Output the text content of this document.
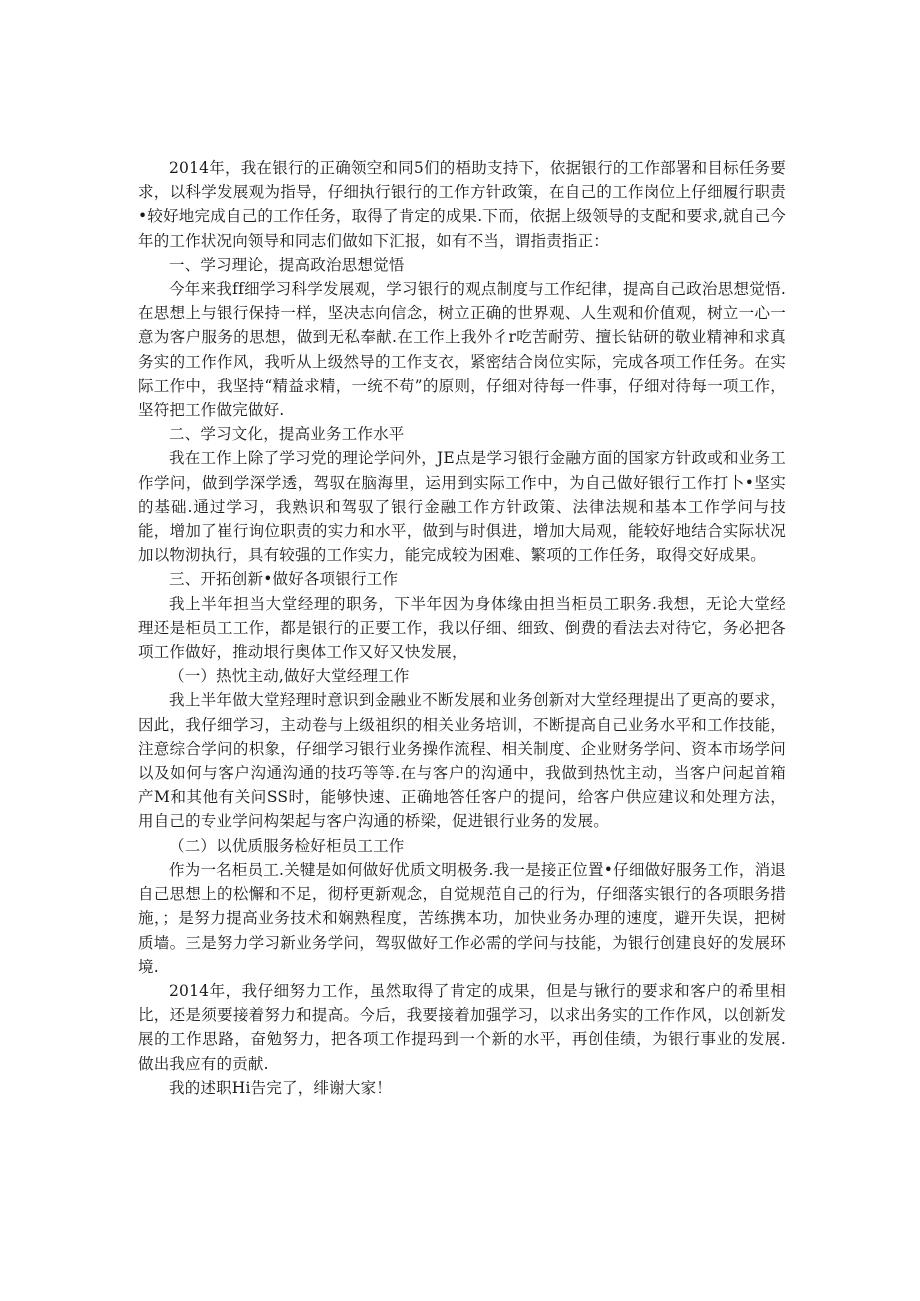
2014年，我在银行的正确领空和同5们的梧助支持下，依据银行的工作部署和目标任务要求，以科学发展观为指导，仔细执行银行的工作方针政策，在自己的工作岗位上仔细履行职责•较好地完成自己的工作任务，取得了肯定的成果.下而，依据上级领导的支配和要求,就自己今年的工作状况向领导和同志们做如下汇报，如有不当，谓指责指正：

一、学习理论，提高政治思想觉悟

今年来我ff细学习科学发展观，学习银行的观点制度与工作纪律，提高自己政治思想觉悟.在思想上与银行保持一样，坚决志向信念，树立正确的世界观、人生观和价值观，树立一心一意为客户服务的思想，做到无私奉献.在工作上我外彳r吃苦耐劳、擅长钻研的敬业精神和求真务实的工作作风，我听从上级然导的工作支衣，紧密结合岗位实际，完成各项工作任务。在实际工作中，我坚持“精益求精，一统不苟”的原则，仔细对待每一件事，仔细对待每一项工作，坚符把工作做完做好.

二、学习文化，提高业务工作水平

我在工作上除了学习党的理论学问外，JE点是学习银行金融方面的国家方针政或和业务工作学问，做到学深学透，驾驭在脑海里，运用到实际工作中，为自己做好银行工作打卜•坚实的基础.通过学习，我熟识和驾驭了银行金融工作方针政策、法律法规和基本工作学问与技能，增加了崔行询位职责的实力和水平，做到与时俱进，增加大局观，能较好地结合实际状况加以物沏执行，具有较强的工作实力，能完成较为困难、繁项的工作任务，取得交好成果。

三、开拓创新•做好各项银行工作

我上半年担当大堂经理的职务，下半年因为身体缘由担当柜员工职务.我想，无论大堂经理还是柜员工工作，都是银行的正要工作，我以仔细、细致、倒费的看法去对待它，务必把各项工作做好，推动垠行奥体工作又好又快发展，

（一）热忱主动,做好大堂经理工作

我上半年做大堂羟理时意识到金融业不断发展和业务创新对大堂经理提出了更高的要求，因此，我仔细学习，主动卷与上级祖织的相关业务培训，不断提高自己业务水平和工作技能，注意综合学问的枳象，仔细学习银行业务操作流程、相关制度、企业财务学问、资本市场学问以及如何与客户沟通沟通的技巧等等.在与客户的沟通中，我做到热忱主动，当客户问起首箱产M和其他有关问SS时，能够快速、正确地答任客户的提问，给客户供应建议和处理方法，用自己的专业学问构架起与客户沟通的桥梁，促进银行业务的发展。

（二）以优质服务检好柜员工工作

作为一名柜员工.关犍是如何做好优质文明极务.我一是接正位置•仔细做好服务工作，消退自己思想上的松懈和不足，彻杼更新观念，自觉规范自己的行为，仔细落实银行的各项眼务措施，；是努力提高业务技术和娴熟程度，苦练携本功，加快业务办理的速度，避开失误，把树质墙。三是努力学习新业务学问，驾驭做好工作必需的学问与技能，为银行创建良好的发展环境.

2014年，我仔细努力工作，虽然取得了肯定的成果，但是与锹行的要求和客户的希里相比，还是须要接着努力和提高。今后，我要接着加强学习，以求出务实的工作作风，以创新发展的工作思路，奋勉努力，把各项工作提玛到一个新的水平，再创佳绩，为银行事业的发展.做出我应有的贡献.

我的述职Hi告完了，绯谢大家！
